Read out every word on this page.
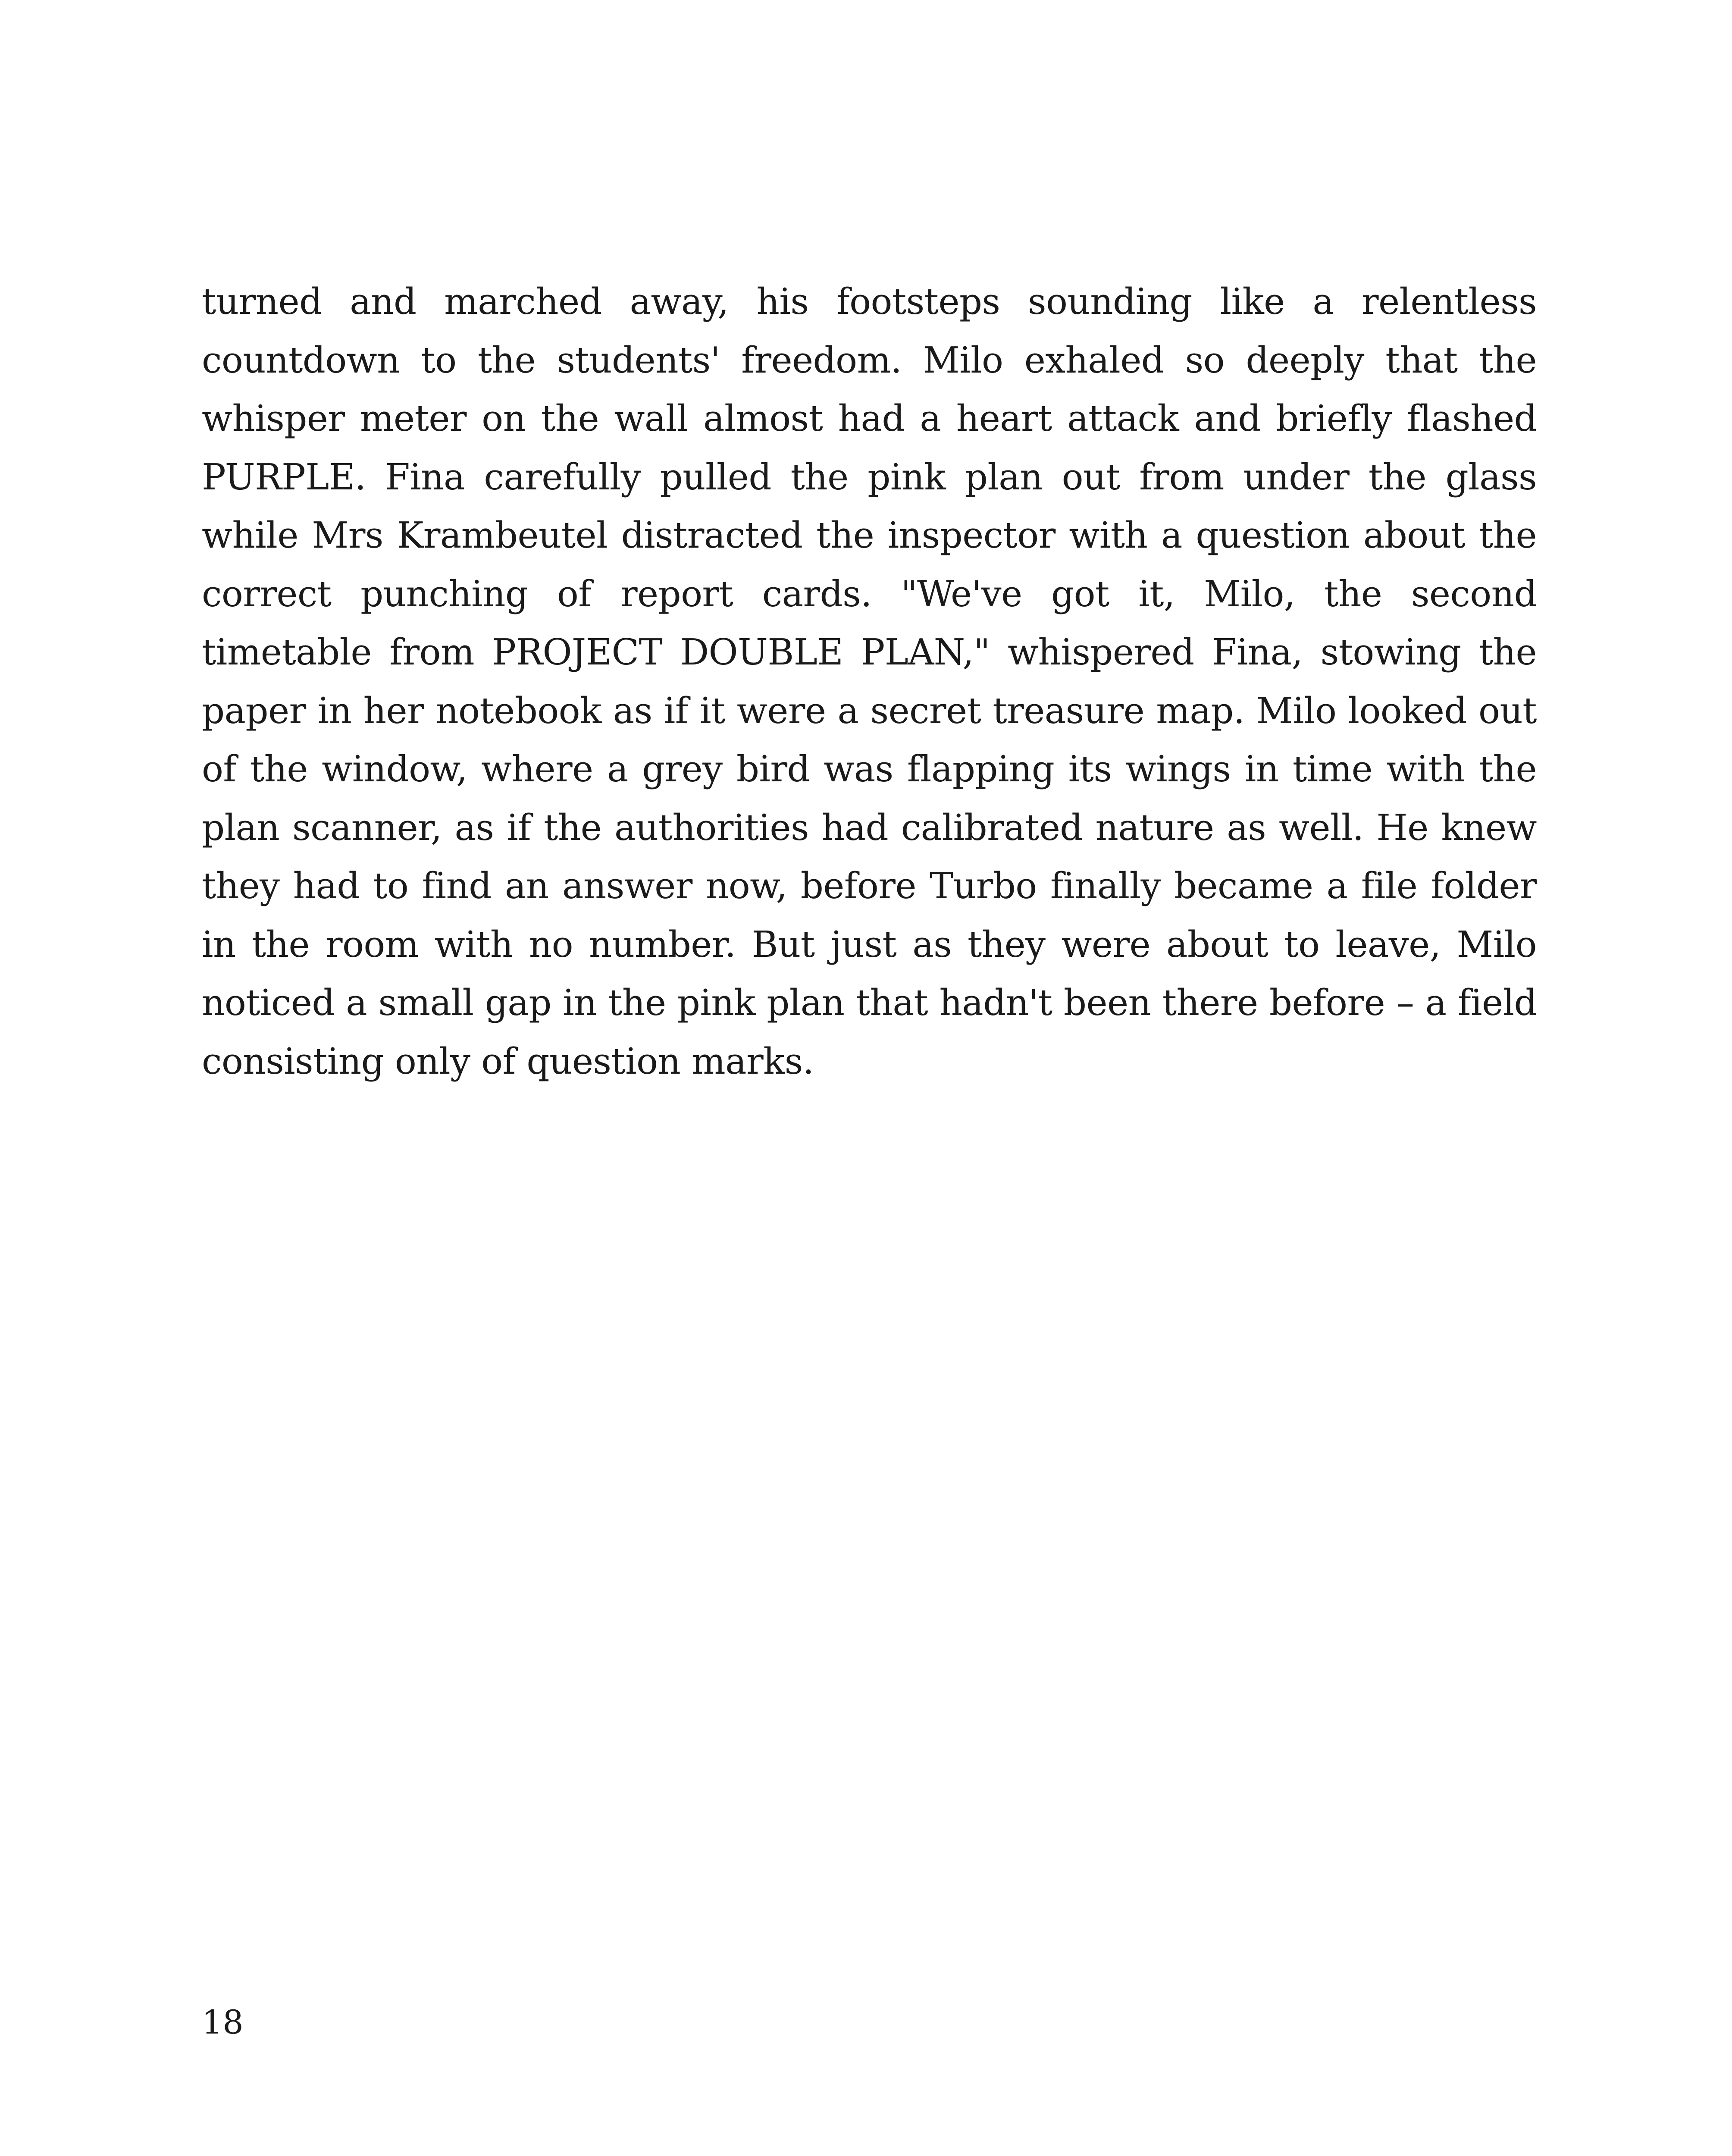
turned and marched away, his footsteps sounding like a relentless countdown to the students' freedom. Milo exhaled so deeply that the whisper meter on the wall almost had a heart attack and briefly flashed PURPLE. Fina carefully pulled the pink plan out from under the glass while Mrs Krambeutel distracted the inspector with a question about the correct punching of report cards. "We've got it, Milo, the second timetable from PROJECT DOUBLE PLAN," whispered Fina, stowing the paper in her notebook as if it were a secret treasure map. Milo looked out of the window, where a grey bird was flapping its wings in time with the plan scanner, as if the authorities had calibrated nature as well. He knew they had to find an answer now, before Turbo finally became a file folder in the room with no number. But just as they were about to leave, Milo noticed a small gap in the pink plan that hadn't been there before – a field consisting only of question marks.

18
